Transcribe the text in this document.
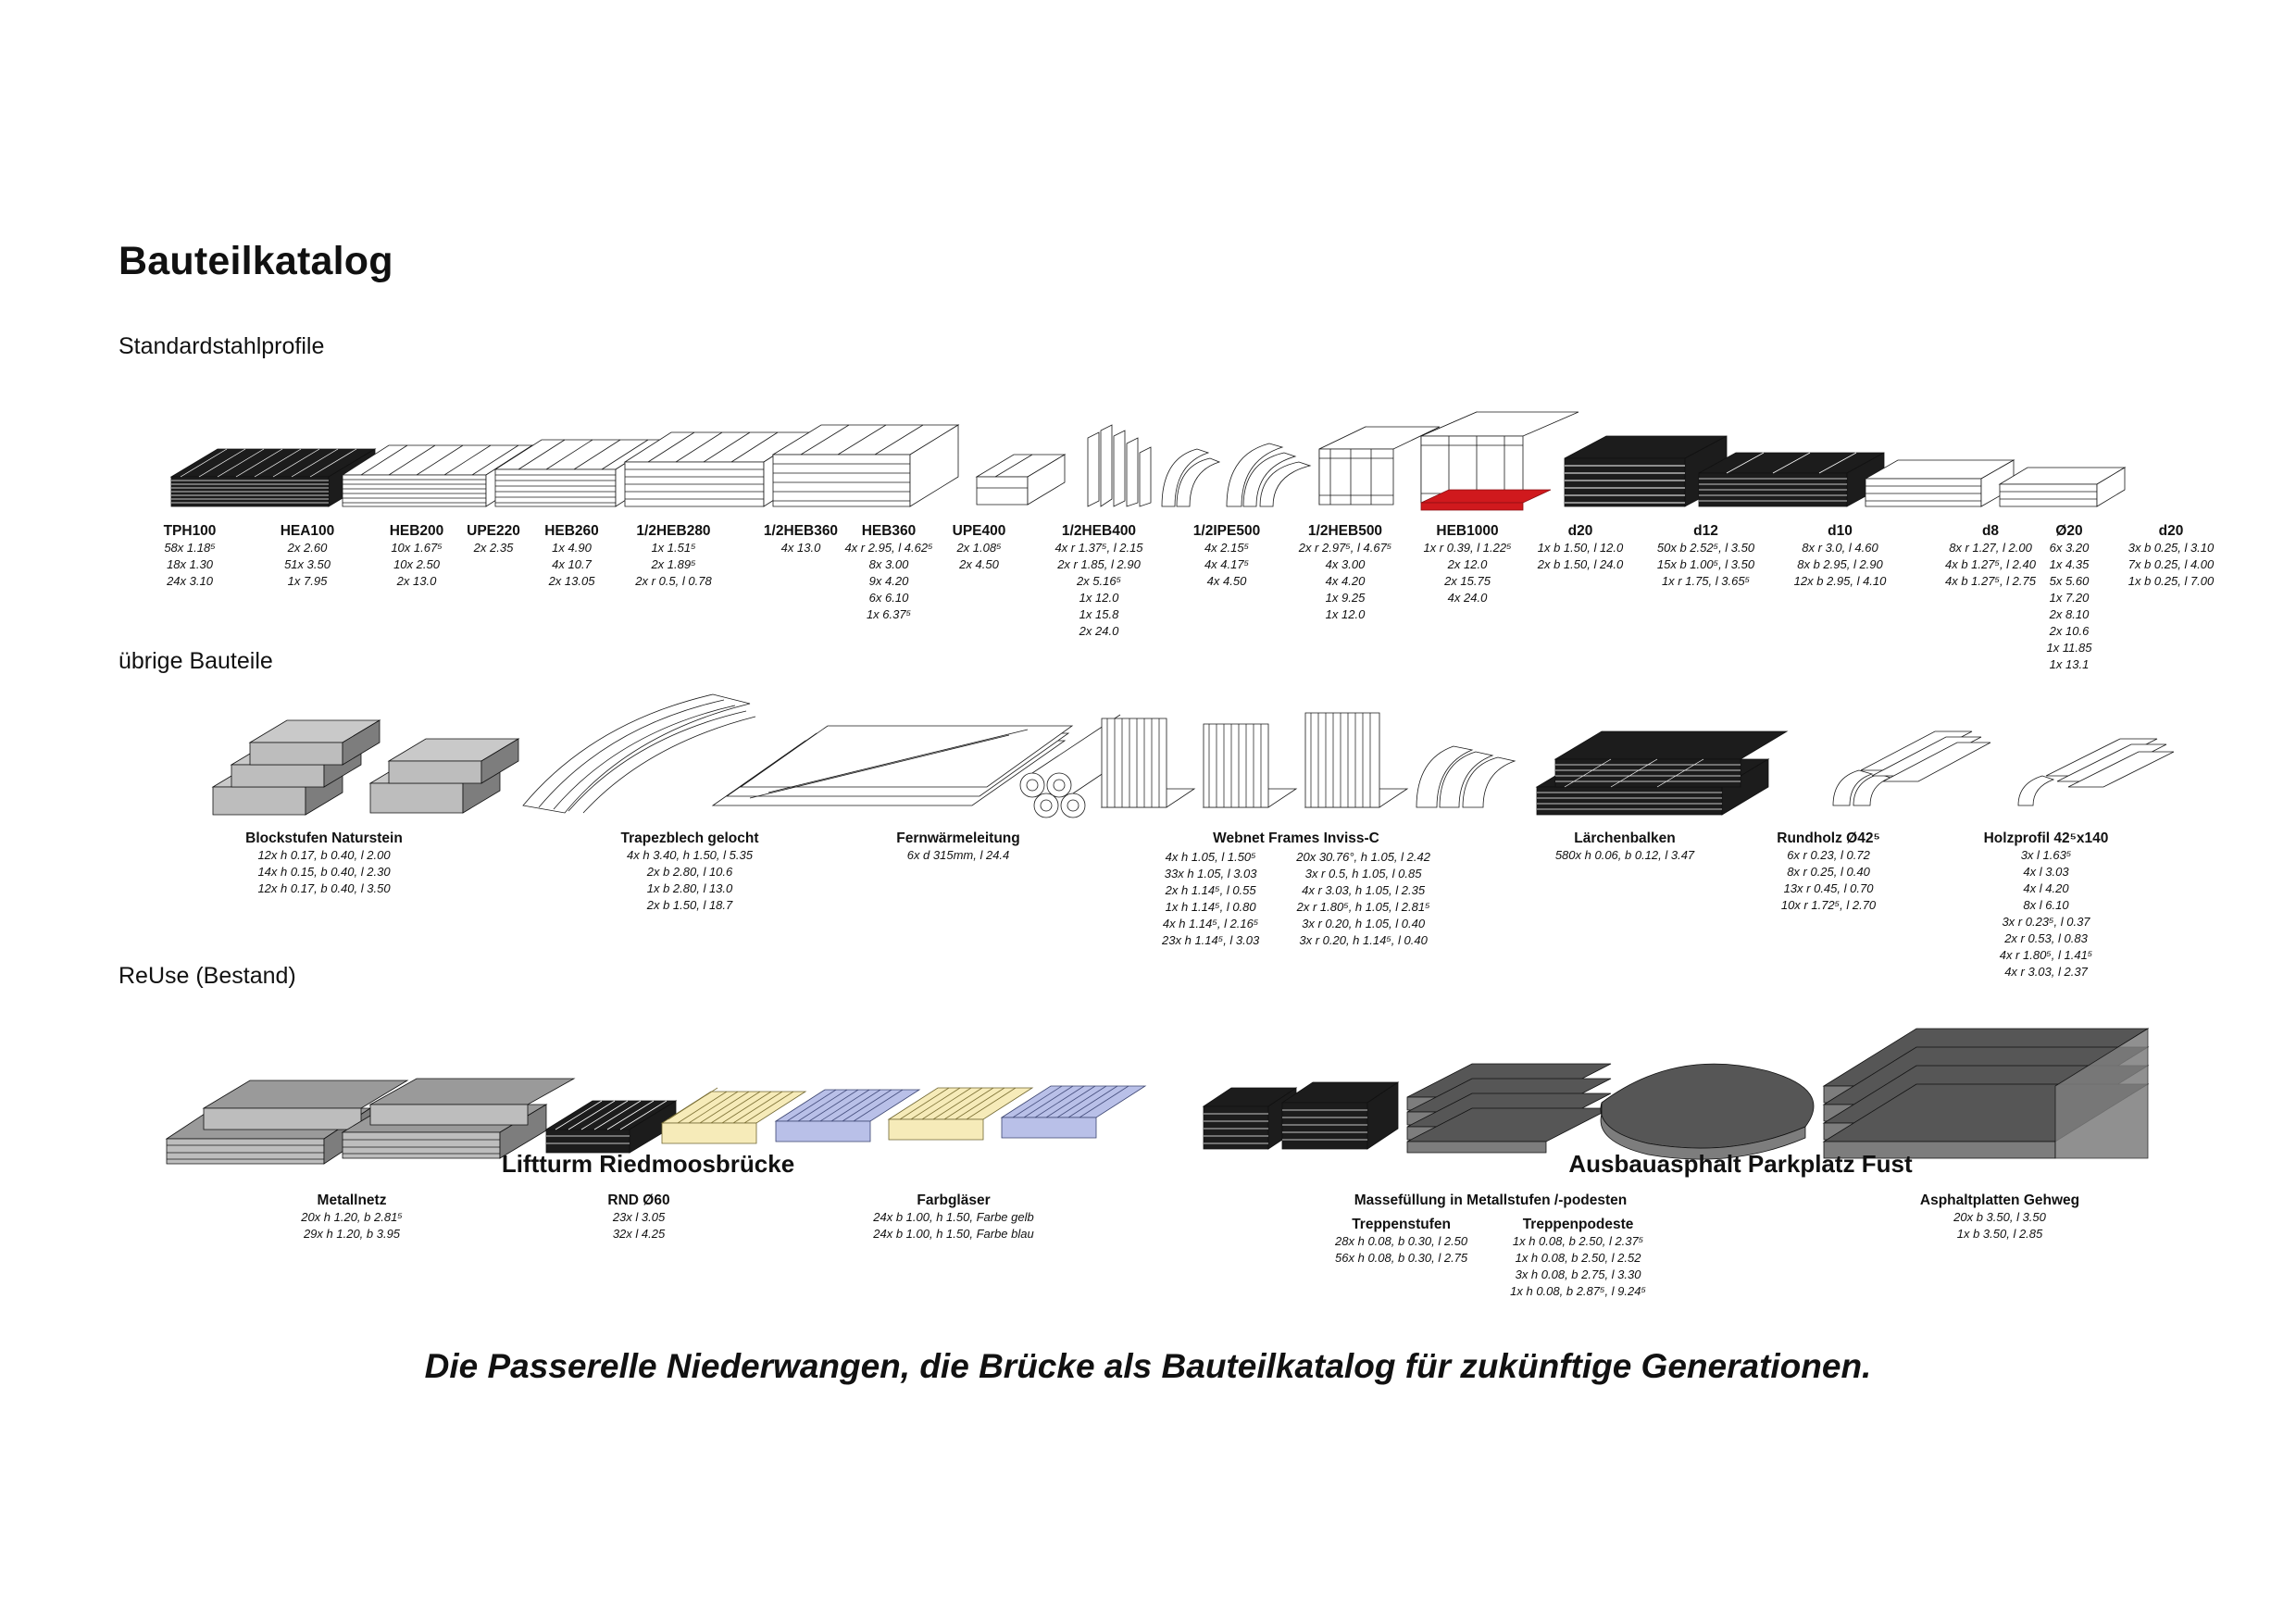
Bauteilkatalog
Standardstahlprofile
übrige Bauteile
ReUse (Bestand)
TPH100
58x 1.18⁵
18x 1.30
24x 3.10
HEA100
2x 2.60
51x 3.50
1x 7.95
HEB200
10x 1.67⁵
10x 2.50
2x 13.0
UPE220
2x 2.35
HEB260
1x 4.90
4x 10.7
2x 13.05
1/2HEB280
1x 1.51⁵
2x 1.89⁵
2x r 0.5, l 0.78
1/2HEB360
4x 13.0
HEB360
4x r 2.95, l 4.62⁵
8x 3.00
9x 4.20
6x 6.10
1x 6.37⁵
UPE400
2x 1.08⁵
2x 4.50
1/2HEB400
4x r 1.37⁵, l 2.15
2x r 1.85, l 2.90
2x 5.16⁵
1x 12.0
1x 15.8
2x 24.0
1/2IPE500
4x 2.15⁵
4x 4.17⁵
4x 4.50
1/2HEB500
2x r 2.97⁵, l 4.67⁵
4x 3.00
4x 4.20
1x 9.25
1x 12.0
HEB1000
1x r 0.39, l 1.22⁵
2x 12.0
2x 15.75
4x 24.0
d20
1x b 1.50, l 12.0
2x b 1.50, l 24.0
d12
50x b 2.52⁵, l 3.50
15x b 1.00⁵, l 3.50
1x r 1.75, l 3.65⁵
d10
8x r 3.0, l 4.60
8x b 2.95, l 2.90
12x b 2.95, l 4.10
d8
8x r 1.27, l 2.00
4x b 1.27⁵, l 2.40
4x b 1.27⁵, l 2.75
Ø20
6x 3.20
1x 4.35
5x 5.60
1x 7.20
2x 8.10
2x 10.6
1x 11.85
1x 13.1
d20
3x b 0.25, l 3.10
7x b 0.25, l 4.00
1x b 0.25, l 7.00
Blockstufen Naturstein
12x h 0.17, b 0.40, l 2.00
14x h 0.15, b 0.40, l 2.30
12x h 0.17, b 0.40, l 3.50
Trapezblech gelocht
4x h 3.40, h 1.50, l 5.35
2x b 2.80, l 10.6
1x b 2.80, l 13.0
2x b 1.50, l 18.7
Fernwärmeleitung
6x d 315mm, l 24.4
Webnet Frames Inviss-C
4x h 1.05, l 1.50⁵
33x h 1.05, l 3.03
2x h 1.14⁵, l 0.55
1x h 1.14⁵, l 0.80
4x h 1.14⁵, l 2.16⁵
23x h 1.14⁵, l 3.03
20x 30.76°, h 1.05, l 2.42
3x r 0.5, h 1.05, l 0.85
4x r 3.03, h 1.05, l 2.35
2x r 1.80⁵, h 1.05, l 2.81⁵
3x r 0.20, h 1.05, l 0.40
3x r 0.20, h 1.14⁵, l 0.40
Lärchenbalken
580x h 0.06, b 0.12, l 3.47
Rundholz Ø42⁵
6x r 0.23, l 0.72
8x r 0.25, l 0.40
13x r 0.45, l 0.70
10x r 1.72⁵, l 2.70
Holzprofil 42⁵x140
3x l 1.63⁵
4x l 3.03
4x l 4.20
8x l 6.10
3x r 0.23⁵, l 0.37
2x r 0.53, l 0.83
4x r 1.80⁵, l 1.41⁵
4x r 3.03, l 2.37
Liftturm Riedmoosbrücke	Ausbauasphalt Parkplatz Fust
Metallnetz
20x h 1.20, b 2.81⁵
29x h 1.20, b 3.95
RND Ø60
23x l 3.05
32x l 4.25
Farbgläser
24x b 1.00, h 1.50, Farbe gelb
24x b 1.00, h 1.50, Farbe blau
Massefüllung in Metallstufen /-podesten
Treppenstufen
28x h 0.08, b 0.30, l 2.50
56x h 0.08, b 0.30, l 2.75
Treppenpodeste
1x h 0.08, b 2.50, l 2.37⁵
1x h 0.08, b 2.50, l 2.52
3x h 0.08, b 2.75, l 3.30
1x h 0.08, b 2.87⁵, l 9.24⁵
Asphaltplatten Gehweg
20x b 3.50, l 3.50
1x b 3.50, l 2.85
Die Passerelle Niederwangen, die Brücke als Bauteilkatalog für zukünftige Generationen.
